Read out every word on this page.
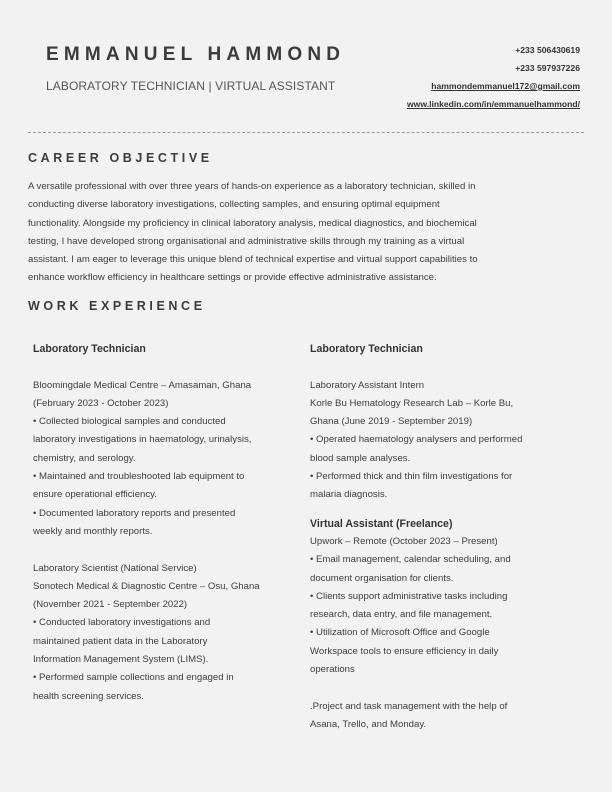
EMMANUEL HAMMOND
LABORATORY TECHNICIAN | VIRTUAL ASSISTANT
+233 506430619
+233 597937226
hammondemmanuel172@gmail.com
www.linkedin.com/in/emmanuelhammond/
CAREER OBJECTIVE
A versatile professional with over three years of hands-on experience as a laboratory technician, skilled in
conducting diverse laboratory investigations, collecting samples, and ensuring optimal equipment
functionality. Alongside my proficiency in clinical laboratory analysis, medical diagnostics, and biochemical
testing, I have developed strong organisational and administrative skills through my training as a virtual
assistant. I am eager to leverage this unique blend of technical expertise and virtual support capabilities to
enhance workflow efficiency in healthcare settings or provide effective administrative assistance.
WORK EXPERIENCE
Laboratory Technician
Bloomingdale Medical Centre – Amasaman, Ghana
(February 2023 - October 2023)
• Collected biological samples and conducted
laboratory investigations in haematology, urinalysis,
chemistry, and serology.
• Maintained and troubleshooted lab equipment to
ensure operational efficiency.
• Documented laboratory reports and presented
weekly and monthly reports.
Laboratory Scientist (National Service)
Sonotech Medical & Diagnostic Centre – Osu, Ghana
(November 2021 - September 2022)
• Conducted laboratory investigations and
maintained patient data in the Laboratory
Information Management System (LIMS).
• Performed sample collections and engaged in
health screening services.
Laboratory Technician
Laboratory Assistant Intern
Korle Bu Hematology Research Lab – Korle Bu,
Ghana (June 2019 - September 2019)
• Operated haematology analysers and performed
blood sample analyses.
• Performed thick and thin film investigations for
malaria diagnosis.
Virtual Assistant (Freelance)
Upwork – Remote (October 2023 – Present)
• Email management, calendar scheduling, and
document organisation for clients.
• Clients support administrative tasks including
research, data entry, and file management.
• Utilization of Microsoft Office and Google
Workspace tools to ensure efficiency in daily
operations
.Project and task management with the help of
Asana, Trello, and Monday.
